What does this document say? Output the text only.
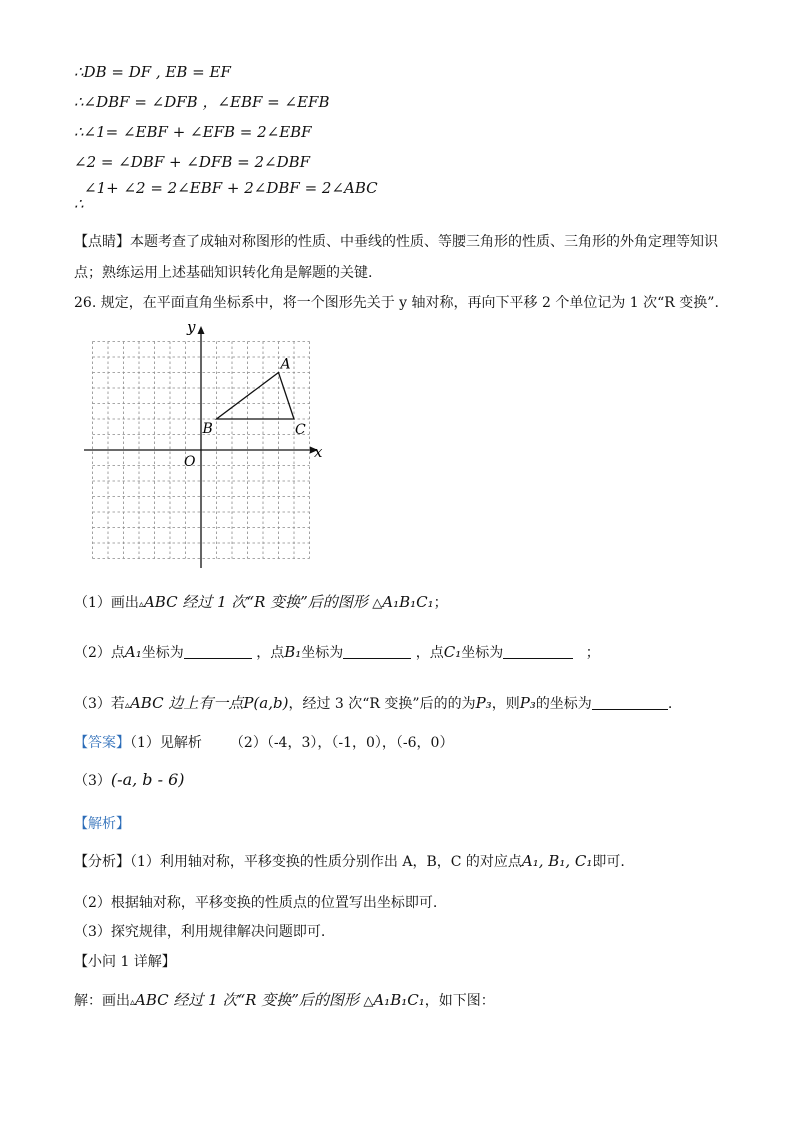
∴DB = DF , EB = EF
∴∠DBF = ∠DFB ，∠EBF = ∠EFB
∴∠1= ∠EBF + ∠EFB = 2∠EBF
∠2 = ∠DBF + ∠DFB = 2∠DBF
∠1+ ∠2 = 2∠EBF + 2∠DBF = 2∠ABC
∴
【点睛】本题考查了成轴对称图形的性质、中垂线的性质、等腰三角形的性质、三角形的外角定理等知识
点；熟练运用上述基础知识转化角是解题的关键.
26. 规定，在平面直角坐标系中，将一个图形先关于 y 轴对称，再向下平移 2 个单位记为 1 次“R 变换”.
y
x
O
A
B	C
（1）画出▵ABC 经过 1 次“R 变换”后的图形 △A₁B₁C₁；
（2）点A₁坐标为	，点B₁坐标为	，点C₁坐标为	；
（3）若▵ABC 边上有一点P(a,b)，经过 3 次“R 变换”后的的为P₃，则P₃的坐标为	.
【答案】（1）见解析 （2）（-4，3），（-1，0），（-6，0）
（3）(-a, b - 6)
【解析】
【分析】（1）利用轴对称，平移变换的性质分别作出 A，B，C 的对应点A₁, B₁, C₁即可.
（2）根据轴对称，平移变换的性质点的位置写出坐标即可.
（3）探究规律，利用规律解决问题即可.
【小问 1 详解】
解：画出▵ABC 经过 1 次“R 变换”后的图形 △A₁B₁C₁，如下图：
